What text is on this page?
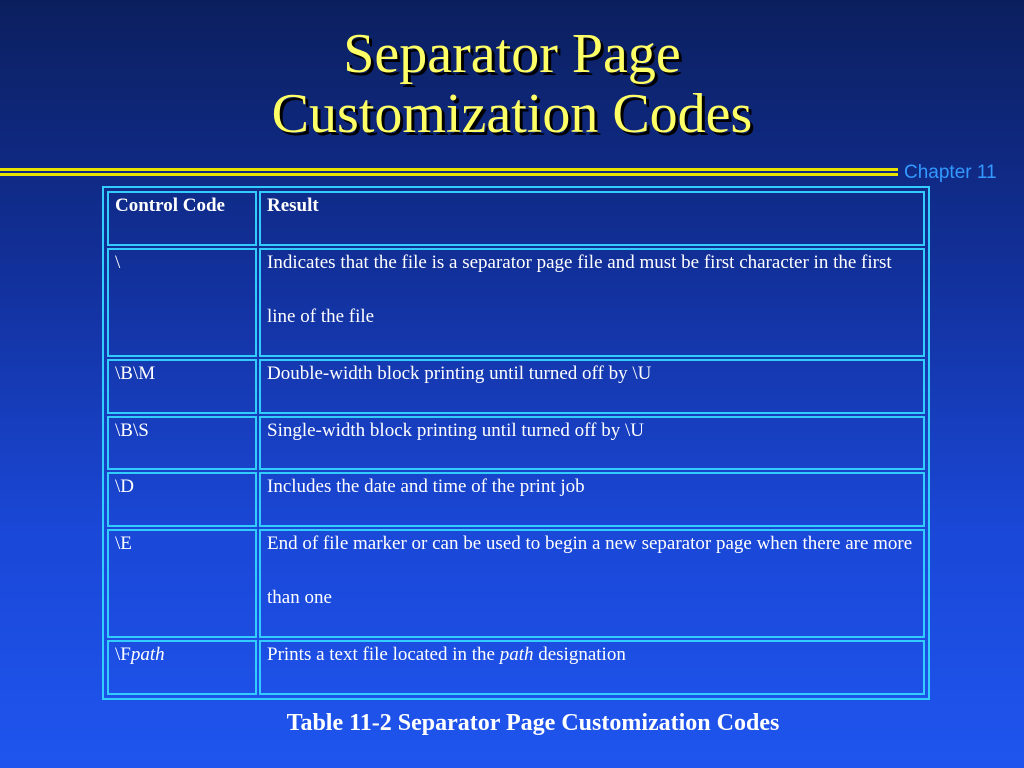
Separator Page
Customization Codes
Chapter 11
Control Code	Result

\	Indicates that the file is a separator page file and must be first character in the first line of the file

\B\M	Double-width block printing until turned off by \U

\B\S	Single-width block printing until turned off by \U

\D	Includes the date and time of the print job

\E	End of file marker or can be used to begin a new separator page when there are more than one

\Fpath	Prints a text file located in the path designation
Table 11-2 Separator Page Customization Codes
